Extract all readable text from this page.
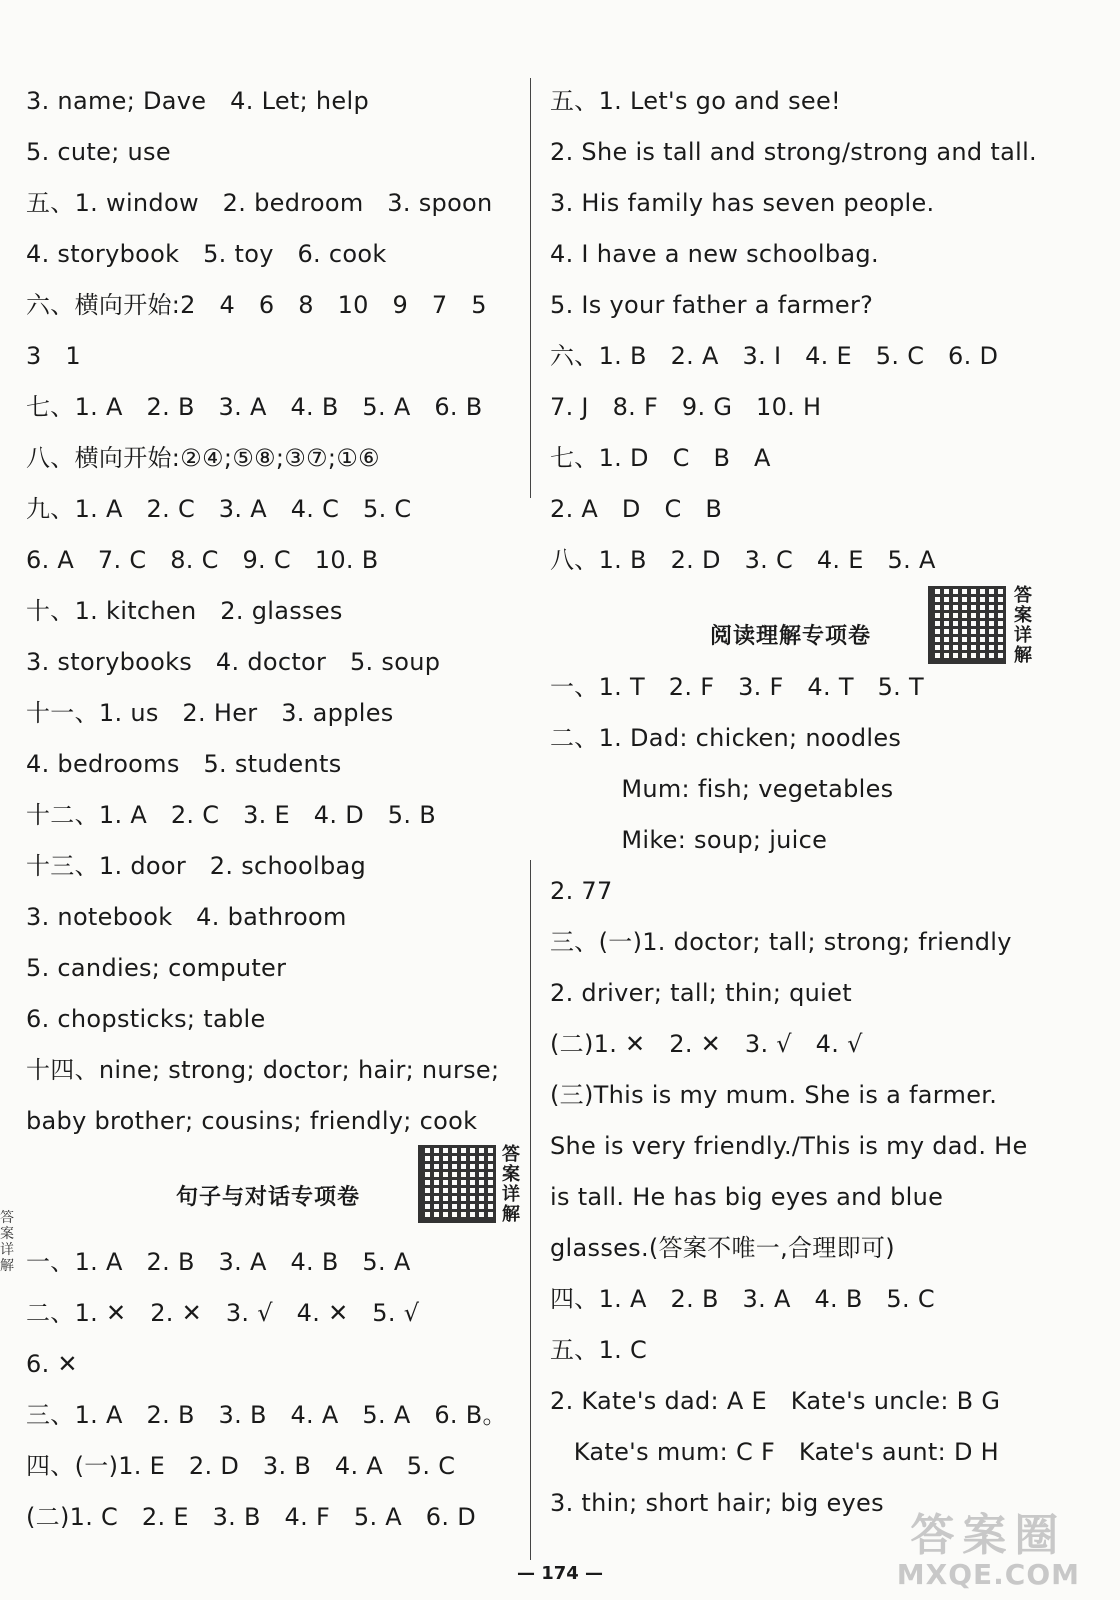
3. name; Dave   4. Let; help
5. cute; use
五、1. window   2. bedroom   3. spoon
4. storybook   5. toy   6. cook
六、横向开始:2   4   6   8   10   9   7   5
3   1
七、1. A   2. B   3. A   4. B   5. A   6. B
八、横向开始:②④;⑤⑧;③⑦;①⑥
九、1. A   2. C   3. A   4. C   5. C
6. A   7. C   8. C   9. C   10. B
十、1. kitchen   2. glasses
3. storybooks   4. doctor   5. soup
十一、1. us   2. Her   3. apples
4. bedrooms   5. students
十二、1. A   2. C   3. E   4. D   5. B
十三、1. door   2. schoolbag
3. notebook   4. bathroom
5. candies; computer
6. chopsticks; table
十四、nine; strong; doctor; hair; nurse;
baby brother; cousins; friendly; cook
句子与对话专项卷
答案详解
一、1. A   2. B   3. A   4. B   5. A
二、1. ✕   2. ✕   3. √   4. ✕   5. √
6. ✕
三、1. A   2. B   3. B   4. A   5. A   6. B。
四、(一)1. E   2. D   3. B   4. A   5. C
(二)1. C   2. E   3. B   4. F   5. A   6. D
五、1. Let's go and see!
2. She is tall and strong/strong and tall.
3. His family has seven people.
4. I have a new schoolbag.
5. Is your father a farmer?
六、1. B   2. A   3. I   4. E   5. C   6. D
7. J   8. F   9. G   10. H
七、1. D   C   B   A
2. A   D   C   B
八、1. B   2. D   3. C   4. E   5. A
阅读理解专项卷
答案详解
一、1. T   2. F   3. F   4. T   5. T
二、1. Dad: chicken; noodles
Mum: fish; vegetables
Mike: soup; juice
2. 77
三、(一)1. doctor; tall; strong; friendly
2. driver; tall; thin; quiet
(二)1. ✕   2. ✕   3. √   4. √
(三)This is my mum. She is a farmer.
She is very friendly./This is my dad. He
is tall. He has big eyes and blue
glasses.(答案不唯一,合理即可)
四、1. A   2. B   3. A   4. B   5. C
五、1. C
2. Kate's dad: A E   Kate's uncle: B G
Kate's mum: C F   Kate's aunt: D H
3. thin; short hair; big eyes
— 174 —
答案圈
MXQE.COM
答案详解
